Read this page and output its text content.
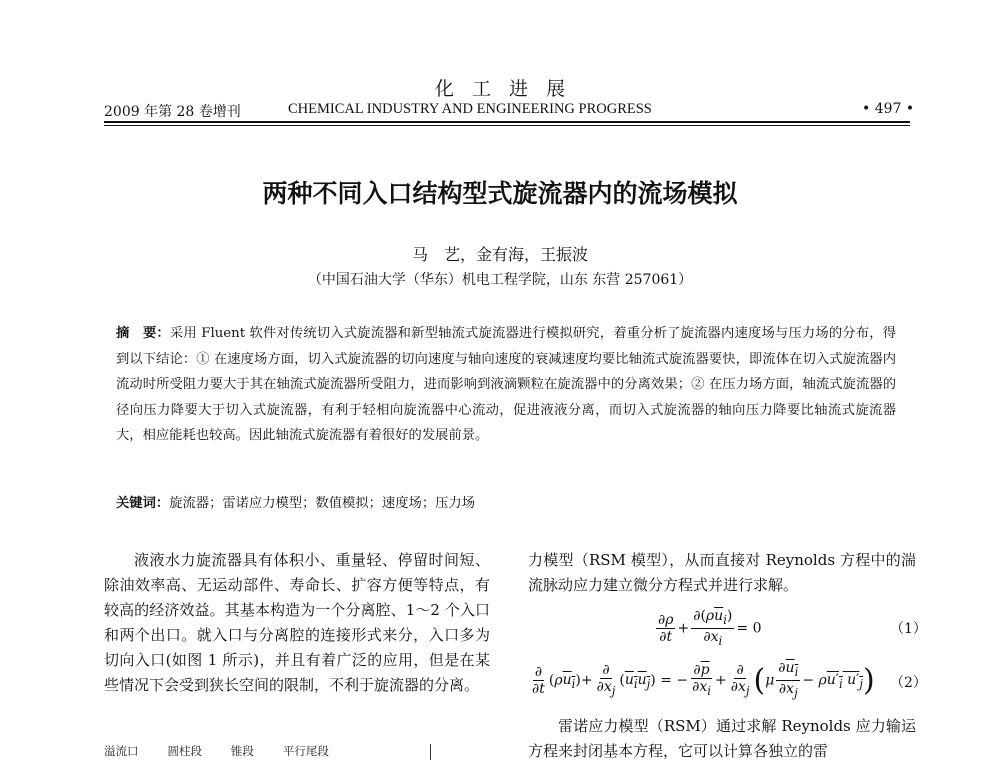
化工进展
2009 年第 28 卷增刊	CHEMICAL INDUSTRY AND ENGINEERING PROGRESS	• 497 •
两种不同入口结构型式旋流器内的流场模拟
马　艺，金有海，王振波
（中国石油大学（华东）机电工程学院，山东 东营 257061）
摘　要：采用 Fluent 软件对传统切入式旋流器和新型轴流式旋流器进行模拟研究，着重分析了旋流器内速度场与压力场的分布，得到以下结论：① 在速度场方面，切入式旋流器的切向速度与轴向速度的衰减速度均要比轴流式旋流器要快，即流体在切入式旋流器内流动时所受阻力要大于其在轴流式旋流器所受阻力，进而影响到液滴颗粒在旋流器中的分离效果；② 在压力场方面，轴流式旋流器的径向压力降要大于切入式旋流器，有利于轻相向旋流器中心流动，促进液液分离，而切入式旋流器的轴向压力降要比轴流式旋流器大，相应能耗也较高。因此轴流式旋流器有着很好的发展前景。
关键词：旋流器；雷诺应力模型；数值模拟；速度场；压力场
液液水力旋流器具有体积小、重量轻、停留时间短、除油效率高、无运动部件、寿命长、扩容方便等特点，有较高的经济效益。其基本构造为一个分离腔、1～2 个入口和两个出口。就入口与分离腔的连接形式来分，入口多为切向入口(如图 1 所示)，并且有着广泛的应用，但是在某些情况下会受到狭长空间的限制，不利于旋流器的分离。
力模型（RSM 模型），从而直接对 Reynolds 方程中的湍流脉动应力建立微分方程式并进行求解。
$\frac{\partial\rho}{\partial t} + \frac{\partial(\rho\overline{u}_i)}{\partial x_i} = 0$	（1）
$\frac{\partial}{\partial t} (\rho u_i)+ \frac{\partial}{\partial x_j} (u_iu_j)$ = − $\frac{\partial\overline{p}}{\partial x_i} + \frac{\partial}{\partial x_j} (\mu \frac{\partial u_i}{\partial x_j} - \rho u'_i$ $u'_j$) （2）
雷诺应力模型（RSM）通过求解 Reynolds 应力输运方程来封闭基本方程，它可以计算各独立的雷
溢流口 圆柱段 锥段 平行尾段
